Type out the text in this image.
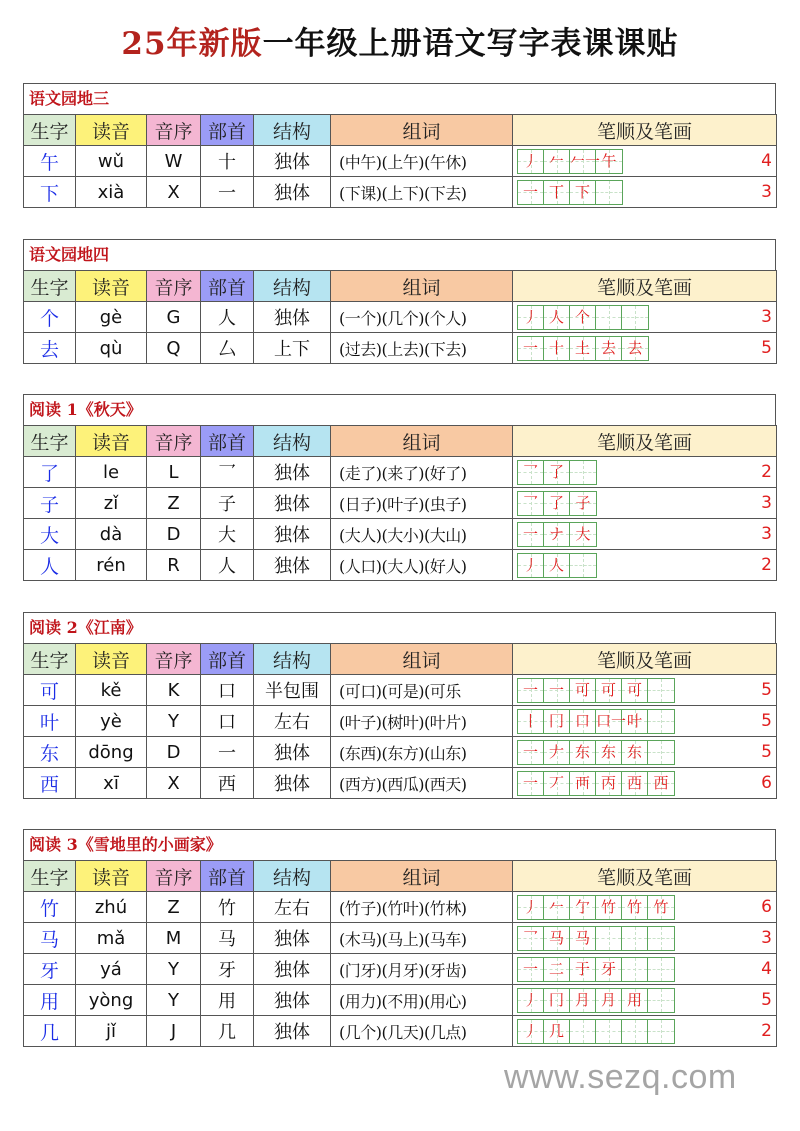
25年新版一年级上册语文写字表课课贴
语文园地三
生字	读音	音序	部首	结构	组词	笔顺及笔画
午	wǔ	W	十	独体	(中午)(上午)(午休)	丿 𠂉 𠂉一 午 4

下	xià	X	一	独体	(下课)(上下)(下去)	一 丅 下 3
语文园地四
生字	读音	音序	部首	结构	组词	笔顺及笔画
个	gè	G	人	独体	(一个)(几个)(个人)	丿 人 个 3

去	qù	Q	厶	上下	(过去)(上去)(下去)	一 十 土 去 去	5
阅读 1《秋天》
生字	读音	音序	部首	结构	组词	笔顺及笔画
了	le	L	乛	独体	(走了)(来了)(好了)	乛 了 2

子	zǐ	Z	子	独体	(日子)(叶子)(虫子)	乛 了 子 3

大	dà	D	大	独体	(大人)(大小)(大山)	一 ナ 大 3

人	rén	R	人	独体	(人口)(大人)(好人)	丿 人 2
阅读 2《江南》
生字	读音	音序	部首	结构	组词	笔顺及笔画
可	kě	K	口	半包围	(可口)(可是)(可乐	一 一 可 可 可	5

叶	yè	Y	口	左右	(叶子)(树叶)(叶片)	丨 冂 口 口一 叶	5

东	dōng	D	一	独体	(东西)(东方)(山东)	一 𠂇 东 东 东	5

西	xī	X	西	独体	(西方)(西瓜)(西天)	一 丆 襾 丙 西 西	6
阅读 3《雪地里的小画家》
生字	读音	音序	部首	结构	组词	笔顺及笔画
竹	zhú	Z	竹	左右	(竹子)(竹叶)(竹林)	丿 𠂉 亇 竹 竹 竹	6

马	mǎ	M	马	独体	(木马)(马上)(马车)	乛 马 马 3

牙	yá	Y	牙	独体	(门牙)(月牙)(牙齿)	一 二 于 牙 4

用	yòng	Y	用	独体	(用力)(不用)(用心)	丿 冂 月 月 用	5

几	jǐ	J	几	独体	(几个)(几天)(几点)	丿 几 2
www.sezq.com
